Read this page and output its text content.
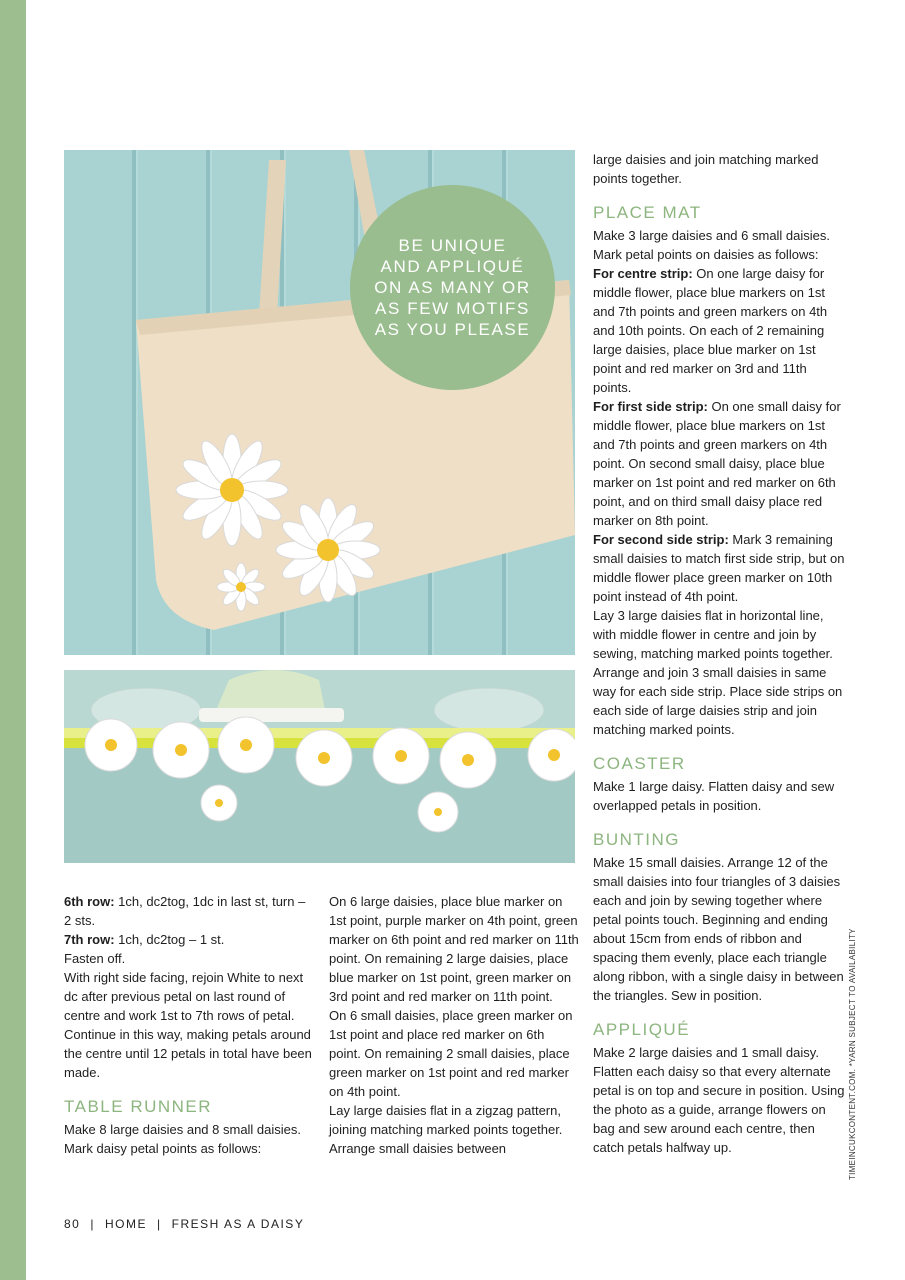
BE UNIQUE
AND APPLIQUÉ
ON AS MANY OR
AS FEW MOTIFS
AS YOU PLEASE

6th row: 1ch, dc2tog, 1dc in last st, turn – 2 sts.

7th row: 1ch, dc2tog – 1 st.

Fasten off.

With right side facing, rejoin White to next dc after previous petal on last round of centre and work 1st to 7th rows of petal.

Continue in this way, making petals around the centre until 12 petals in total have been made.

TABLE RUNNER

Make 8 large daisies and 8 small daisies. Mark daisy petal points as follows:

On 6 large daisies, place blue marker on 1st point, purple marker on 4th point, green marker on 6th point and red marker on 11th point. On remaining 2 large daisies, place blue marker on 1st point, green marker on 3rd point and red marker on 11th point.

On 6 small daisies, place green marker on 1st point and place red marker on 6th point. On remaining 2 small daisies, place green marker on 1st point and red marker on 4th point.

Lay large daisies flat in a zigzag pattern, joining matching marked points together. Arrange small daisies between

large daisies and join matching marked points together.

PLACE MAT

Make 3 large daisies and 6 small daisies. Mark petal points on daisies as follows:

For centre strip: On one large daisy for middle flower, place blue markers on 1st and 7th points and green markers on 4th and 10th points. On each of 2 remaining large daisies, place blue marker on 1st point and red marker on 3rd and 11th points.

For first side strip: On one small daisy for middle flower, place blue markers on 1st and 7th points and green markers on 4th point. On second small daisy, place blue marker on 1st point and red marker on 6th point, and on third small daisy place red marker on 8th point.

For second side strip: Mark 3 remaining small daisies to match first side strip, but on middle flower place green marker on 10th point instead of 4th point.

Lay 3 large daisies flat in horizontal line, with middle flower in centre and join by sewing, matching marked points together.

Arrange and join 3 small daisies in same way for each side strip. Place side strips on each side of large daisies strip and join matching marked points.

COASTER

Make 1 large daisy. Flatten daisy and sew overlapped petals in position.

BUNTING

Make 15 small daisies. Arrange 12 of the small daisies into four triangles of 3 daisies each and join by sewing together where petal points touch. Beginning and ending about 15cm from ends of ribbon and spacing them evenly, place each triangle along ribbon, with a single daisy in between the triangles. Sew in position.

APPLIQUÉ

Make 2 large daisies and 1 small daisy. Flatten each daisy so that every alternate petal is on top and secure in position. Using the photo as a guide, arrange flowers on bag and sew around each centre, then catch petals halfway up.	TIMEINCUKCONTENT.COM. *YARN SUBJECT TO AVAILABILITY
80 | HOME | FRESH AS A DAISY
